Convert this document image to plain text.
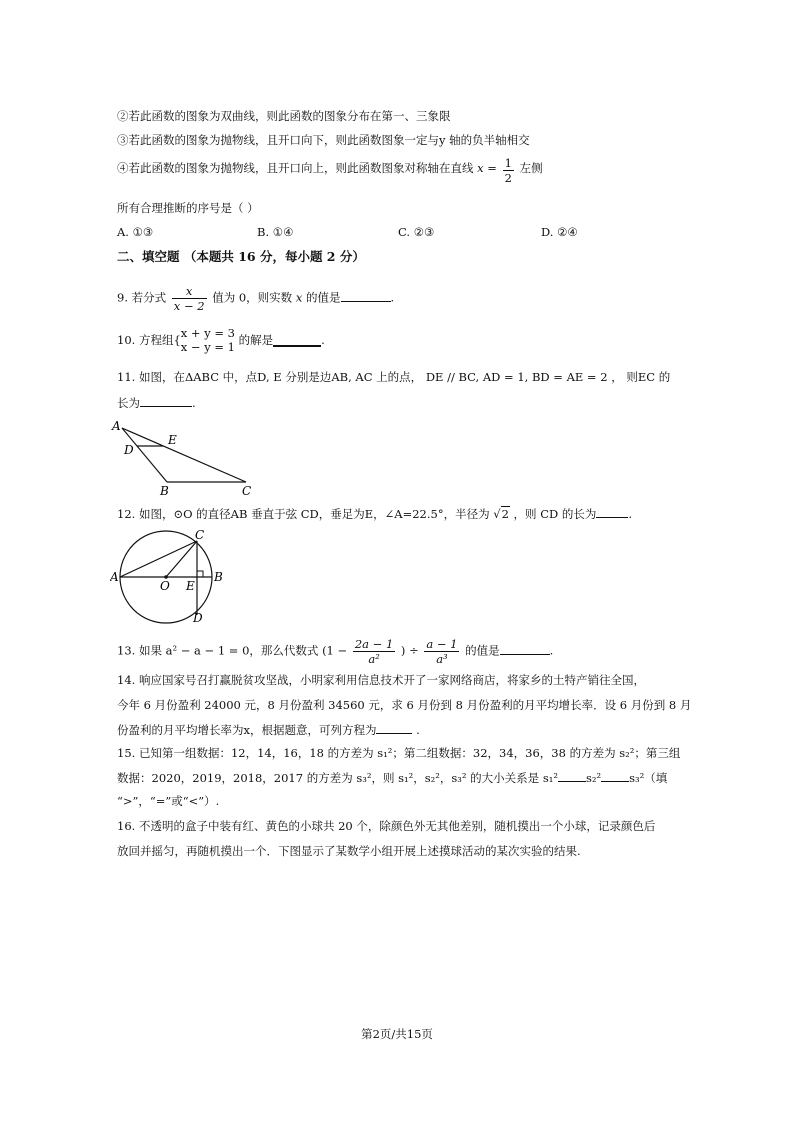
②若此函数的图象为双曲线，则此函数的图象分布在第一、三象限
③若此函数的图象为抛物线，且开口向下，则此函数图象一定与y 轴的负半轴相交
④若此函数的图象为抛物线，且开口向上，则此函数图象对称轴在直线 $x = \frac{1}{2}$ 左侧
所有合理推断的序号是（ ）
A. ①③	B. ①④	C. ②③	D. ②④
二、填空题 （本题共 16 分，每小题 2 分）
9. 若分式 $\frac{x}{x - 2}$ 值为 0，则实数 x 的值是	.
10. 方程组{ x + y = 3
x − y = 1 的解是	.
11. 如图，在ΔABC 中，点D, E 分别是边AB, AC 上的点， DE // BC, AD = 1, BD = AE = 2 ， 则EC 的
长为	.
A
E
D
B	C
12. 如图，⊙O 的直径AB 垂直于弦 CD，垂足为E，∠A=22.5°，半径为 √2 ，则 CD 的长为	.
A	B
C
D
E
O
13. 如果 a² − a − 1 = 0，那么代数式 ($1 - \frac{2a - 1}{\text{a²}}$ ) ÷ $\frac{a - 1}{\text{a³}}$ 的值是	.
14. 响应国家号召打赢脱贫攻坚战，小明家利用信息技术开了一家网络商店，将家乡的土特产销往全国，
今年 6 月份盈利 24000 元，8 月份盈利 34560 元，求 6 月份到 8 月份盈利的月平均增长率．设 6 月份到 8 月
份盈利的月平均增长率为x，根据题意，可列方程为	.
15. 已知第一组数据：12，14，16，18 的方差为 s₁²；第二组数据：32，34，36，38 的方差为 s₂²；第三组
数据：2020，2019，2018，2017 的方差为 s₃²，则 s₁²，s₂²，s₃² 的大小关系是 s₁² s₂² s₃²（填
“>”，“=”或“<”）.
16. 不透明的盒子中装有红、黄色的小球共 20 个，除颜色外无其他差别，随机摸出一个小球，记录颜色后
放回并摇匀，再随机摸出一个．下图显示了某数学小组开展上述摸球活动的某次实验的结果.
第2页/共15页
